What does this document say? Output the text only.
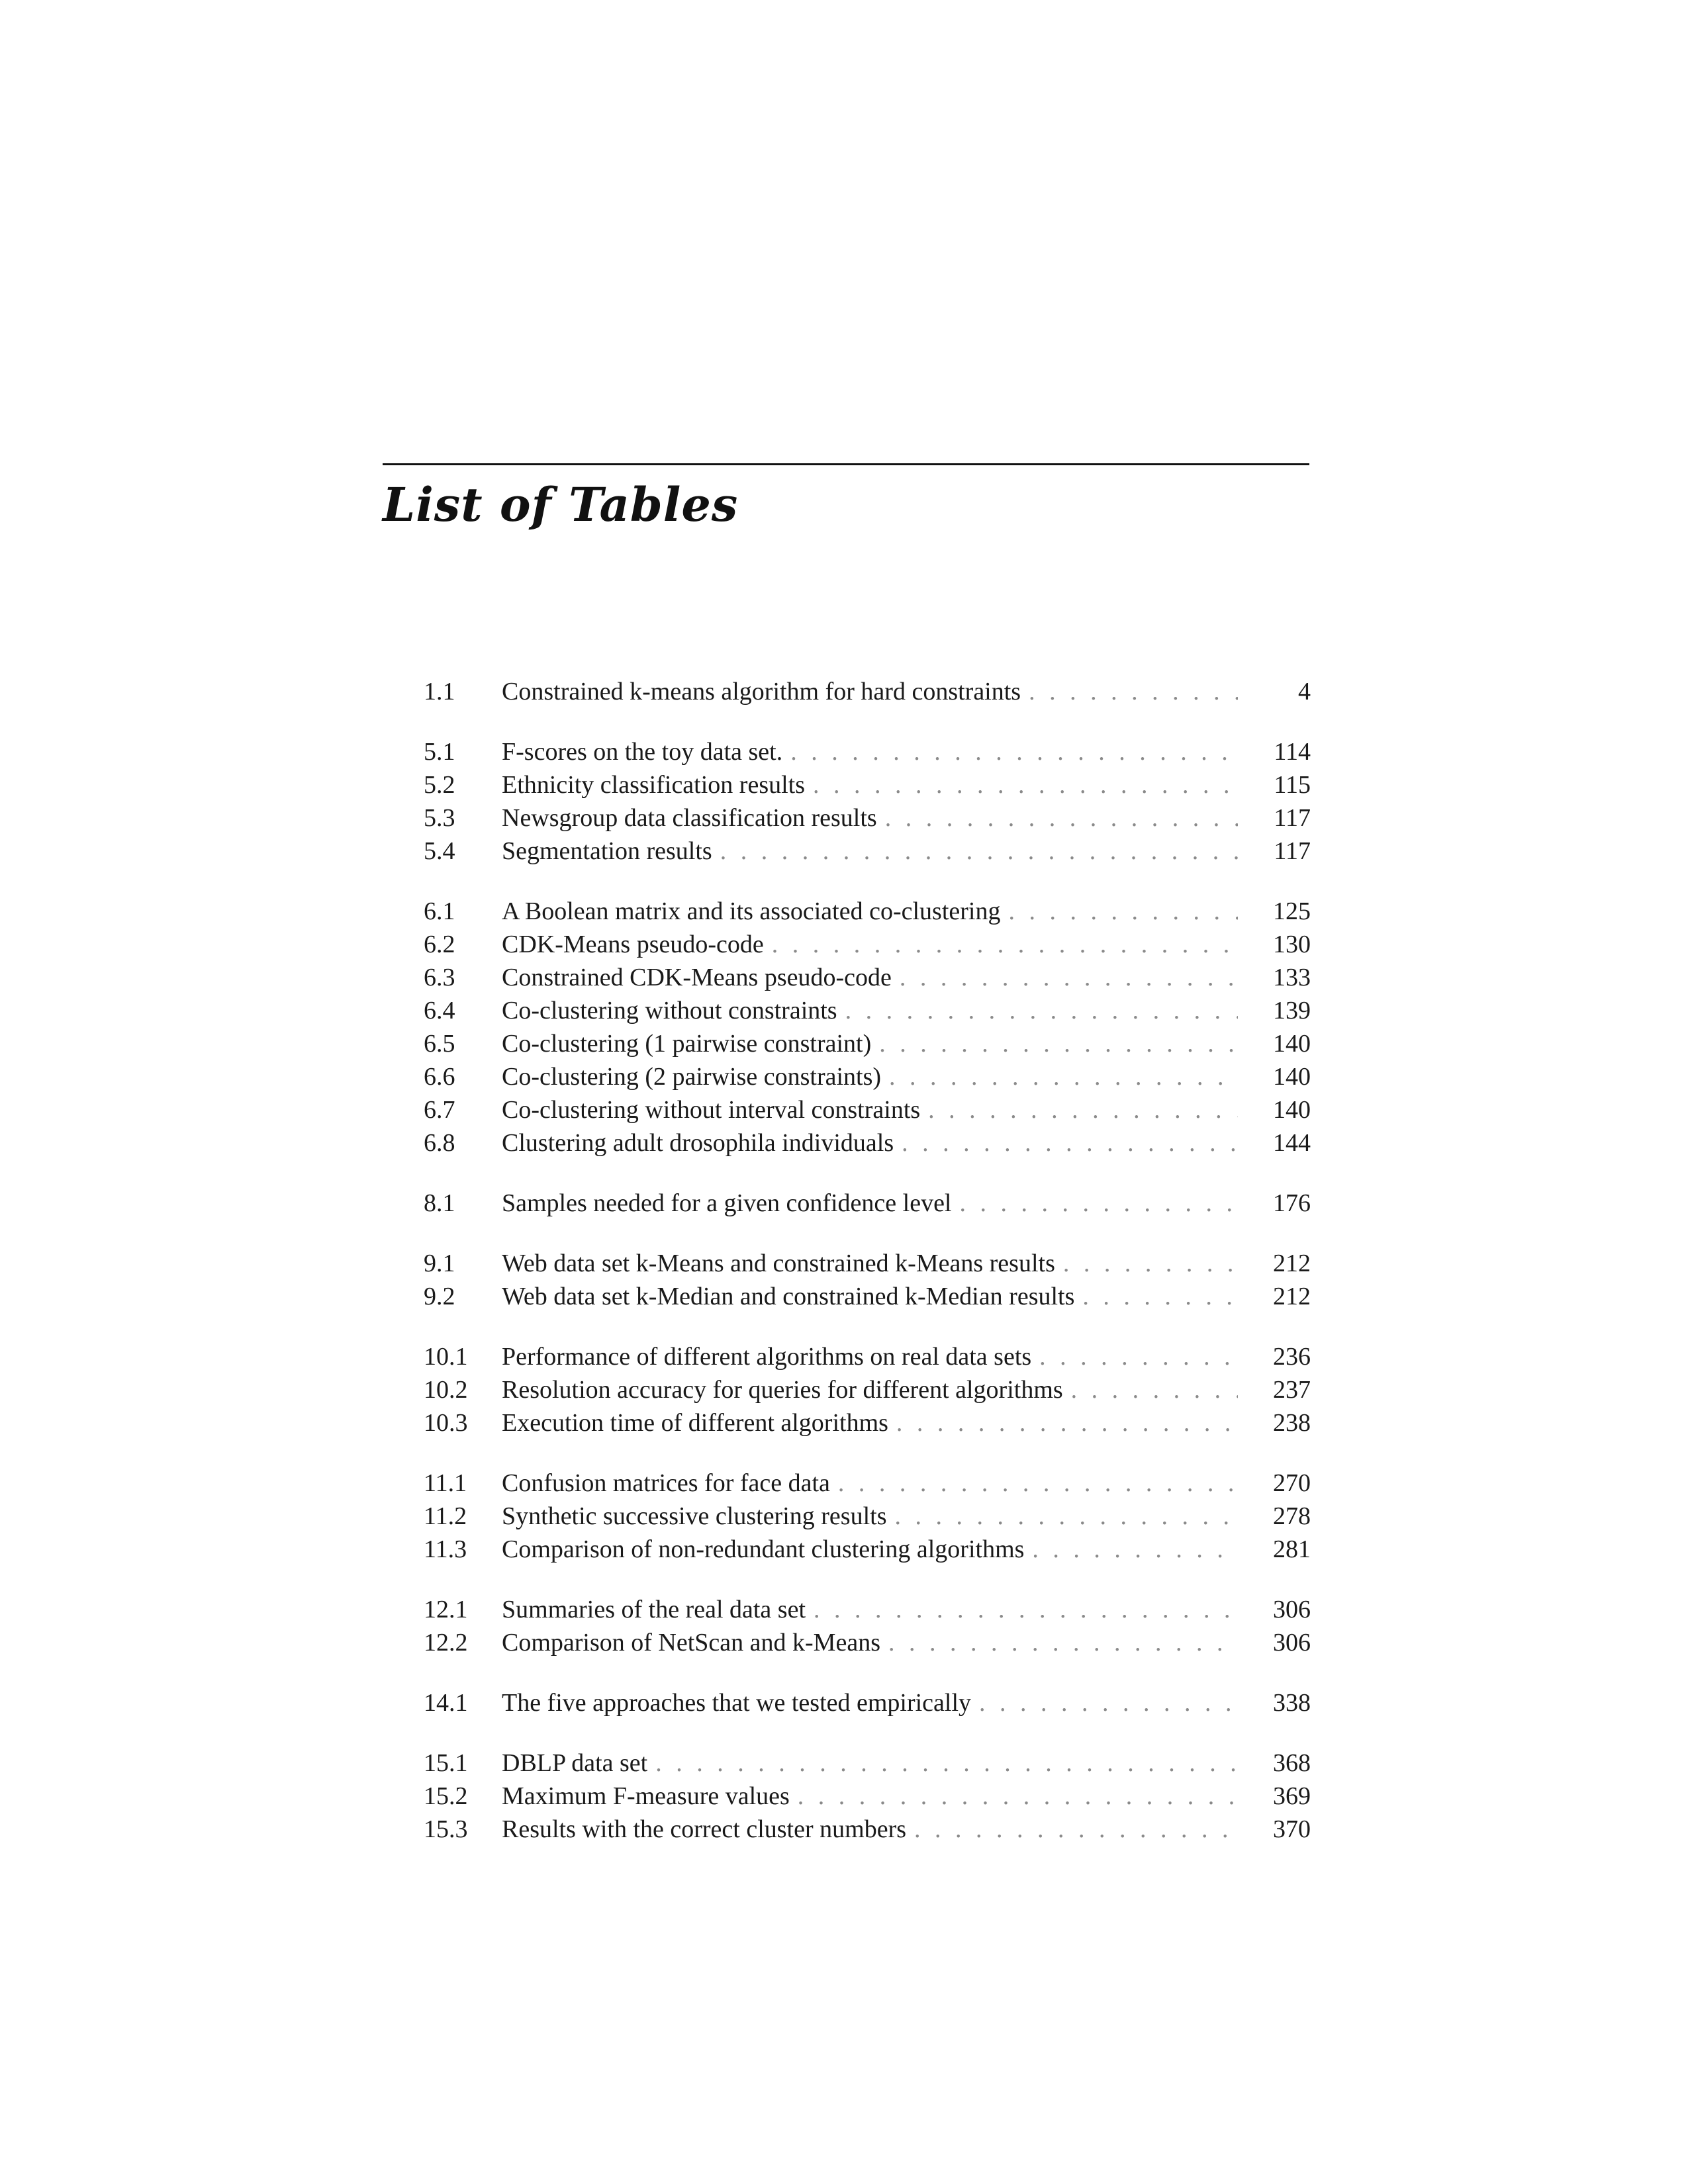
List of Tables
1.1	Constrained k-means algorithm for hard constraints . . .	4
5.1	F-scores on the toy data set. . . .	114
5.2	Ethnicity classification results . . .	115
5.3	Newsgroup data classification results . . .	117
5.4	Segmentation results . . .	117
6.1	A Boolean matrix and its associated co-clustering . . .	125
6.2	CDK-Means pseudo-code . . .	130
6.3	Constrained CDK-Means pseudo-code . . .	133
6.4	Co-clustering without constraints . . .	139
6.5	Co-clustering (1 pairwise constraint) . . .	140
6.6	Co-clustering (2 pairwise constraints) . . .	140
6.7	Co-clustering without interval constraints . . .	140
6.8	Clustering adult drosophila individuals . . .	144
8.1	Samples needed for a given confidence level . . .	176
9.1	Web data set k-Means and constrained k-Means results . . .	212
9.2	Web data set k-Median and constrained k-Median results . . .	212
10.1	Performance of different algorithms on real data sets . . .	236
10.2	Resolution accuracy for queries for different algorithms . . .	237
10.3	Execution time of different algorithms . . .	238
11.1	Confusion matrices for face data . . .	270
11.2	Synthetic successive clustering results . . .	278
11.3	Comparison of non-redundant clustering algorithms . . .	281
12.1	Summaries of the real data set . . .	306
12.2	Comparison of NetScan and k-Means . . .	306
14.1	The five approaches that we tested empirically . . .	338
15.1	DBLP data set . . .	368
15.2	Maximum F-measure values . . .	369
15.3	Results with the correct cluster numbers . . .	370
